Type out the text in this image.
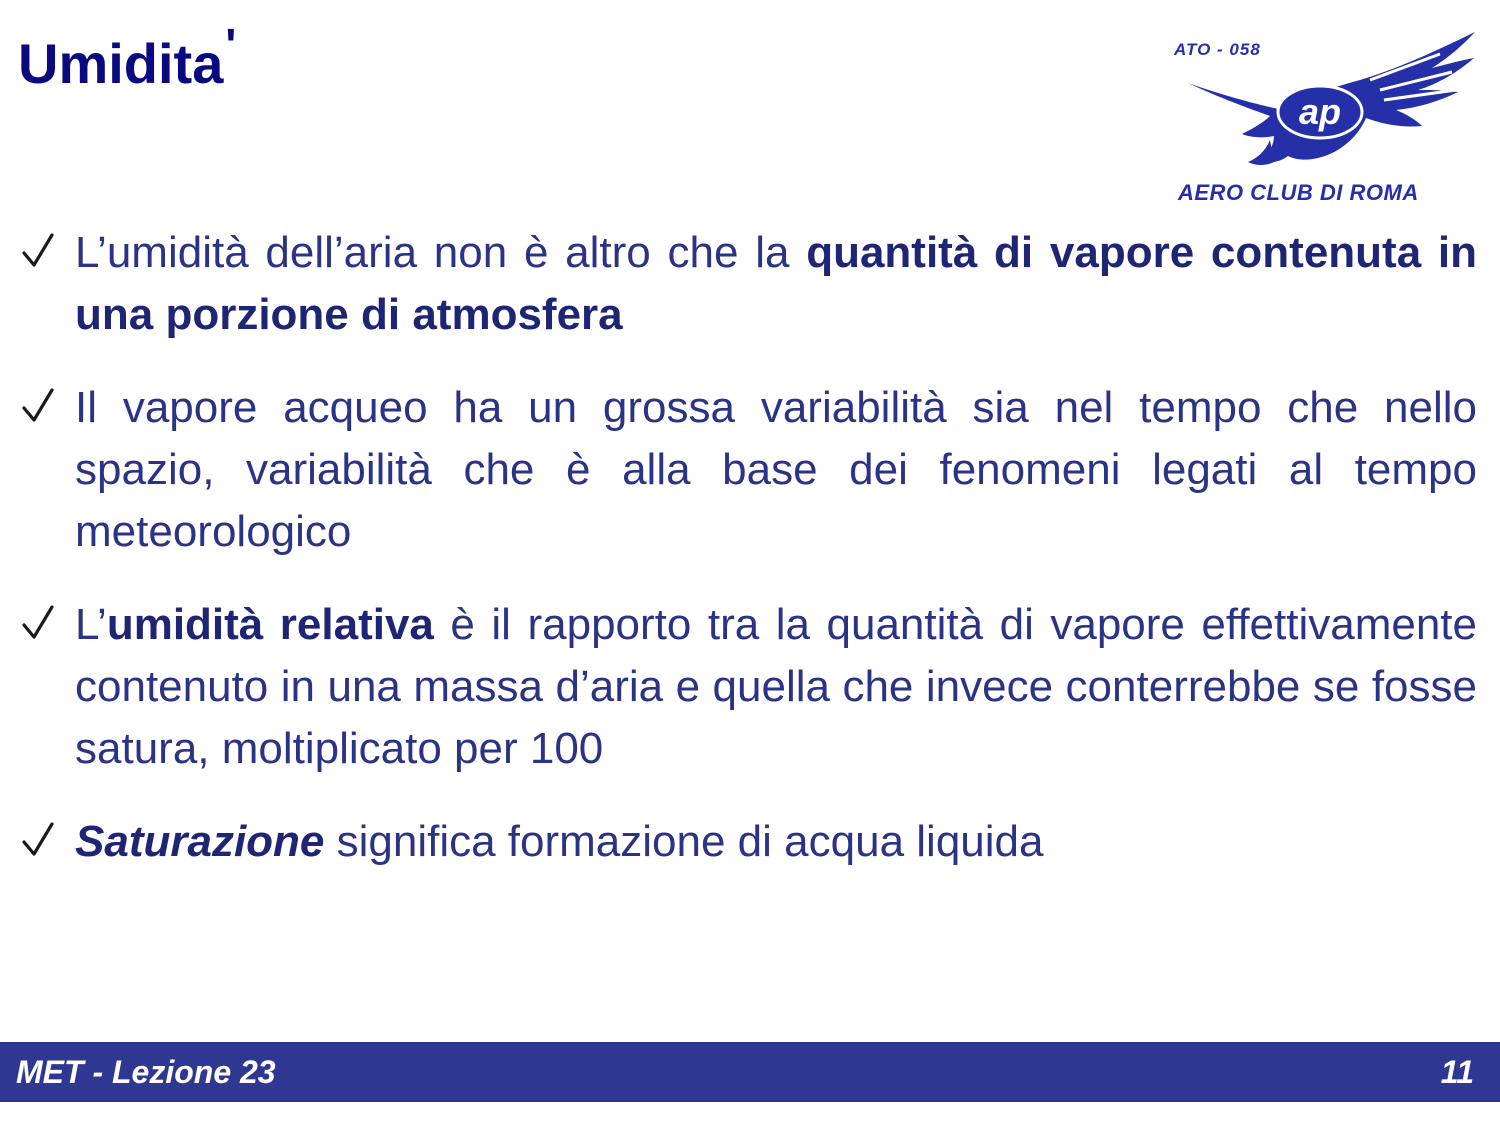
Umidita'
ap
ATO - 058
AERO CLUB DI ROMA
L’umidità dell’aria non è altro che la quantità di vapore contenuta in una porzione di atmosfera
Il vapore acqueo ha un grossa variabilità sia nel tempo che nello spazio, variabilità che è alla base dei fenomeni legati al tempo meteorologico
L’umidità relativa è il rapporto tra la quantità di vapore effettivamente contenuto in una massa d’aria e quella che invece conterrebbe se fosse satura, moltiplicato per 100
Saturazione significa formazione di acqua liquida
MET - Lezione 23	11
